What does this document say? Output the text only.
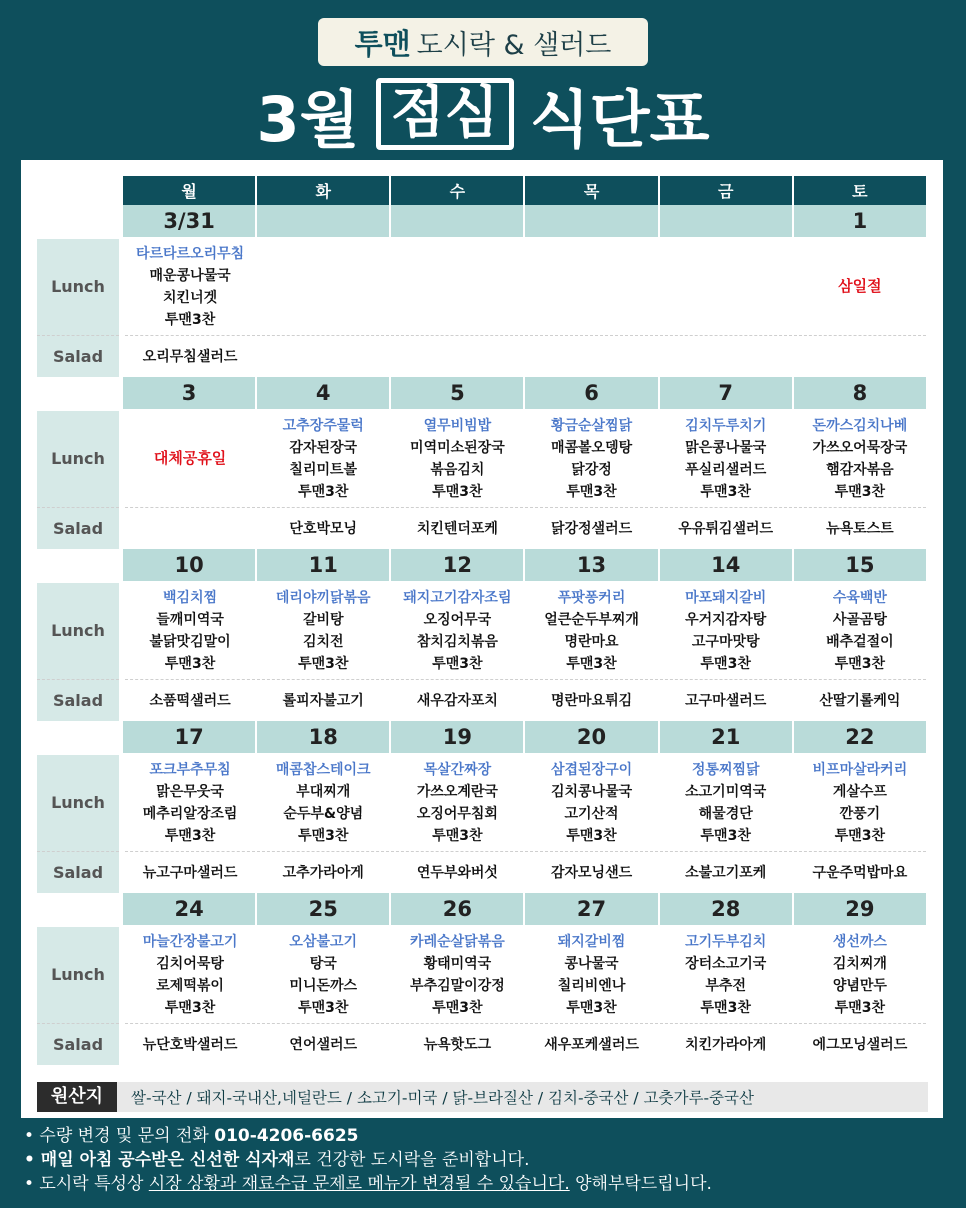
투맨 도시락 & 샐러드
3월 점심 식단표
	월	화	수	목	금	토
	3/31					1
Lunch	타르타르오리무침
매운콩나물국
치킨너겟
투맨3찬					삼일절
Salad	오리무침샐러드					
	3	4	5	6	7	8
Lunch	대체공휴일	고추장주물럭
감자된장국
칠리미트볼
투맨3찬	열무비빔밥
미역미소된장국
볶음김치
투맨3찬	황금순살찜닭
매콤볼오뎅탕
닭강정
투맨3찬	김치두루치기
맑은콩나물국
푸실리샐러드
투맨3찬	돈까스김치나베
가쓰오어묵장국
햄감자볶음
투맨3찬

Salad		단호박모닝	치킨텐더포케	닭강정샐러드	우유튀김샐러드	뉴욕토스트
	10	11	12	13	14	15
Lunch	백김치찜
들깨미역국
불닭맛김말이
투맨3찬	데리야끼닭볶음
갈비탕
김치전
투맨3찬	돼지고기감자조림
오징어무국
참치김치볶음
투맨3찬	푸팟퐁커리
얼큰순두부찌개
명란마요
투맨3찬	마포돼지갈비
우거지감자탕
고구마맛탕
투맨3찬	수육백반
사골곰탕
배추겉절이
투맨3찬

Salad	소품떡샐러드	롤피자불고기	새우감자포치	명란마요튀김	고구마샐러드	산딸기롤케익
	17	18	19	20	21	22
Lunch	포크부추무침
맑은무웃국
메추리알장조림
투맨3찬	매콤찹스테이크
부대찌개
순두부&양념
투맨3찬	목살간짜장
가쓰오계란국
오징어무침회
투맨3찬	삼겹된장구이
김치콩나물국
고기산적
투맨3찬	정통찌찜닭
소고기미역국
해물경단
투맨3찬	비프마살라커리
게살수프
깐풍기
투맨3찬

Salad	뉴고구마샐러드	고추가라아게	연두부와버섯	감자모닝샌드	소불고기포케	구운주먹밥마요
	24	25	26	27	28	29
Lunch	마늘간장불고기
김치어묵탕
로제떡볶이
투맨3찬	오삼불고기
탕국
미니돈까스
투맨3찬	카레순살닭볶음
황태미역국
부추김말이강정
투맨3찬	돼지갈비찜
콩나물국
칠리비엔나
투맨3찬	고기두부김치
장터소고기국
부추전
투맨3찬	생선까스
김치찌개
양념만두
투맨3찬

Salad	뉴단호박샐러드	연어샐러드	뉴욕핫도그	새우포케샐러드	치킨가라아게	에그모닝샐러드
원산지	쌀-국산 / 돼지-국내산,네덜란드 / 소고기-미국 / 닭-브라질산 / 김치-중국산 / 고춧가루-중국산
• 수량 변경 및 문의 전화 010-4206-6625
• 매일 아침 공수받은 신선한 식자재로 건강한 도시락을 준비합니다.
• 도시락 특성상 시장 상황과 재료수급 문제로 메뉴가 변경될 수 있습니다. 양해부탁드립니다.
